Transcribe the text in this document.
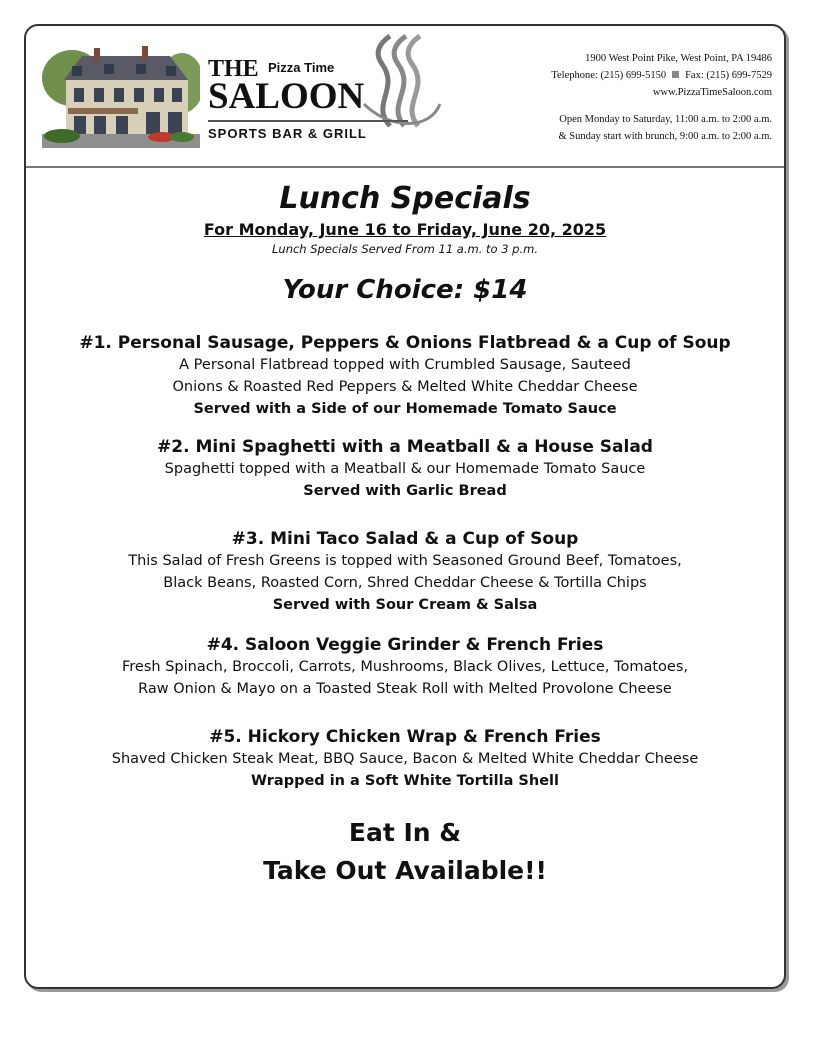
THE Pizza Time
SALOON
SPORTS BAR & GRILL
1900 West Point Pike, West Point, PA 19486
Telephone: (215) 699-5150 Fax: (215) 699-7529
www.PizzaTimeSaloon.com
Open Monday to Saturday, 11:00 a.m. to 2:00 a.m.
& Sunday start with brunch, 9:00 a.m. to 2:00 a.m.
Lunch Specials
For Monday, June 16 to Friday, June 20, 2025
Lunch Specials Served From 11 a.m. to 3 p.m.
Your Choice: $14
#1. Personal Sausage, Peppers & Onions Flatbread & a Cup of Soup
A Personal Flatbread topped with Crumbled Sausage, Sauteed
Onions & Roasted Red Peppers & Melted White Cheddar Cheese
Served with a Side of our Homemade Tomato Sauce
#2. Mini Spaghetti with a Meatball & a House Salad
Spaghetti topped with a Meatball & our Homemade Tomato Sauce
Served with Garlic Bread
#3. Mini Taco Salad & a Cup of Soup
This Salad of Fresh Greens is topped with Seasoned Ground Beef, Tomatoes,
Black Beans, Roasted Corn, Shred Cheddar Cheese & Tortilla Chips
Served with Sour Cream & Salsa
#4. Saloon Veggie Grinder & French Fries
Fresh Spinach, Broccoli, Carrots, Mushrooms, Black Olives, Lettuce, Tomatoes,
Raw Onion & Mayo on a Toasted Steak Roll with Melted Provolone Cheese
#5. Hickory Chicken Wrap & French Fries
Shaved Chicken Steak Meat, BBQ Sauce, Bacon & Melted White Cheddar Cheese
Wrapped in a Soft White Tortilla Shell
Eat In &
Take Out Available!!
